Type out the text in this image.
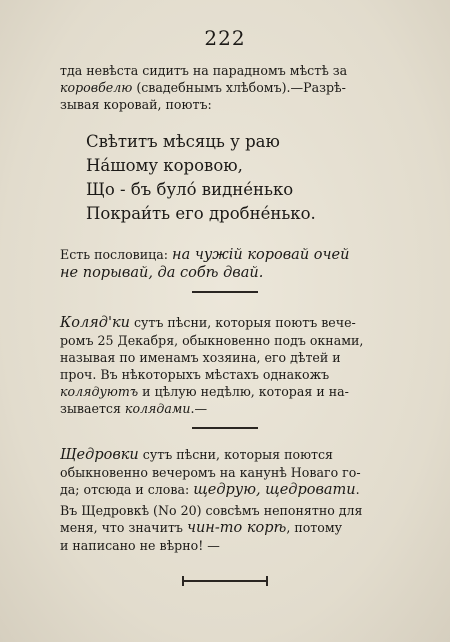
222

тда невѣста сидитъ на парадномъ мѣстѣ за

коровбелю (свадебнымъ хлѣбомъ).—Разрѣ-

зывая коровай, поютъ:

Свѣтитъ мѣсяць у раю
На́шому коровою,
Що - бъ було́ видне́нько
Покраи́ть его дробне́нько.

Есть пословица: на чужій коровай очей

не порывай, да собѣ двай.

Коляд'ки сутъ пѣсни, которыя поютъ вече-

ромъ 25 Декабря, обыкновенно подъ окнами,

называя по именамъ хозяина, его дѣтей и

проч. Въ нѣкоторыхъ мѣстахъ однакожъ

колядуютъ и цѣлую недѣлю, которая и на-

зывается колядами.—

Щедровки сутъ пѣсни, которыя поются

обыкновенно вечеромъ на канунѣ Новаго го-

да; отсюда и слова: щедрую, щедровати.

Въ Щедровкѣ (No 20) совсѣмъ непонятно для

меня, что значитъ чин-то корѣ, потому

и написано не вѣрно! —
